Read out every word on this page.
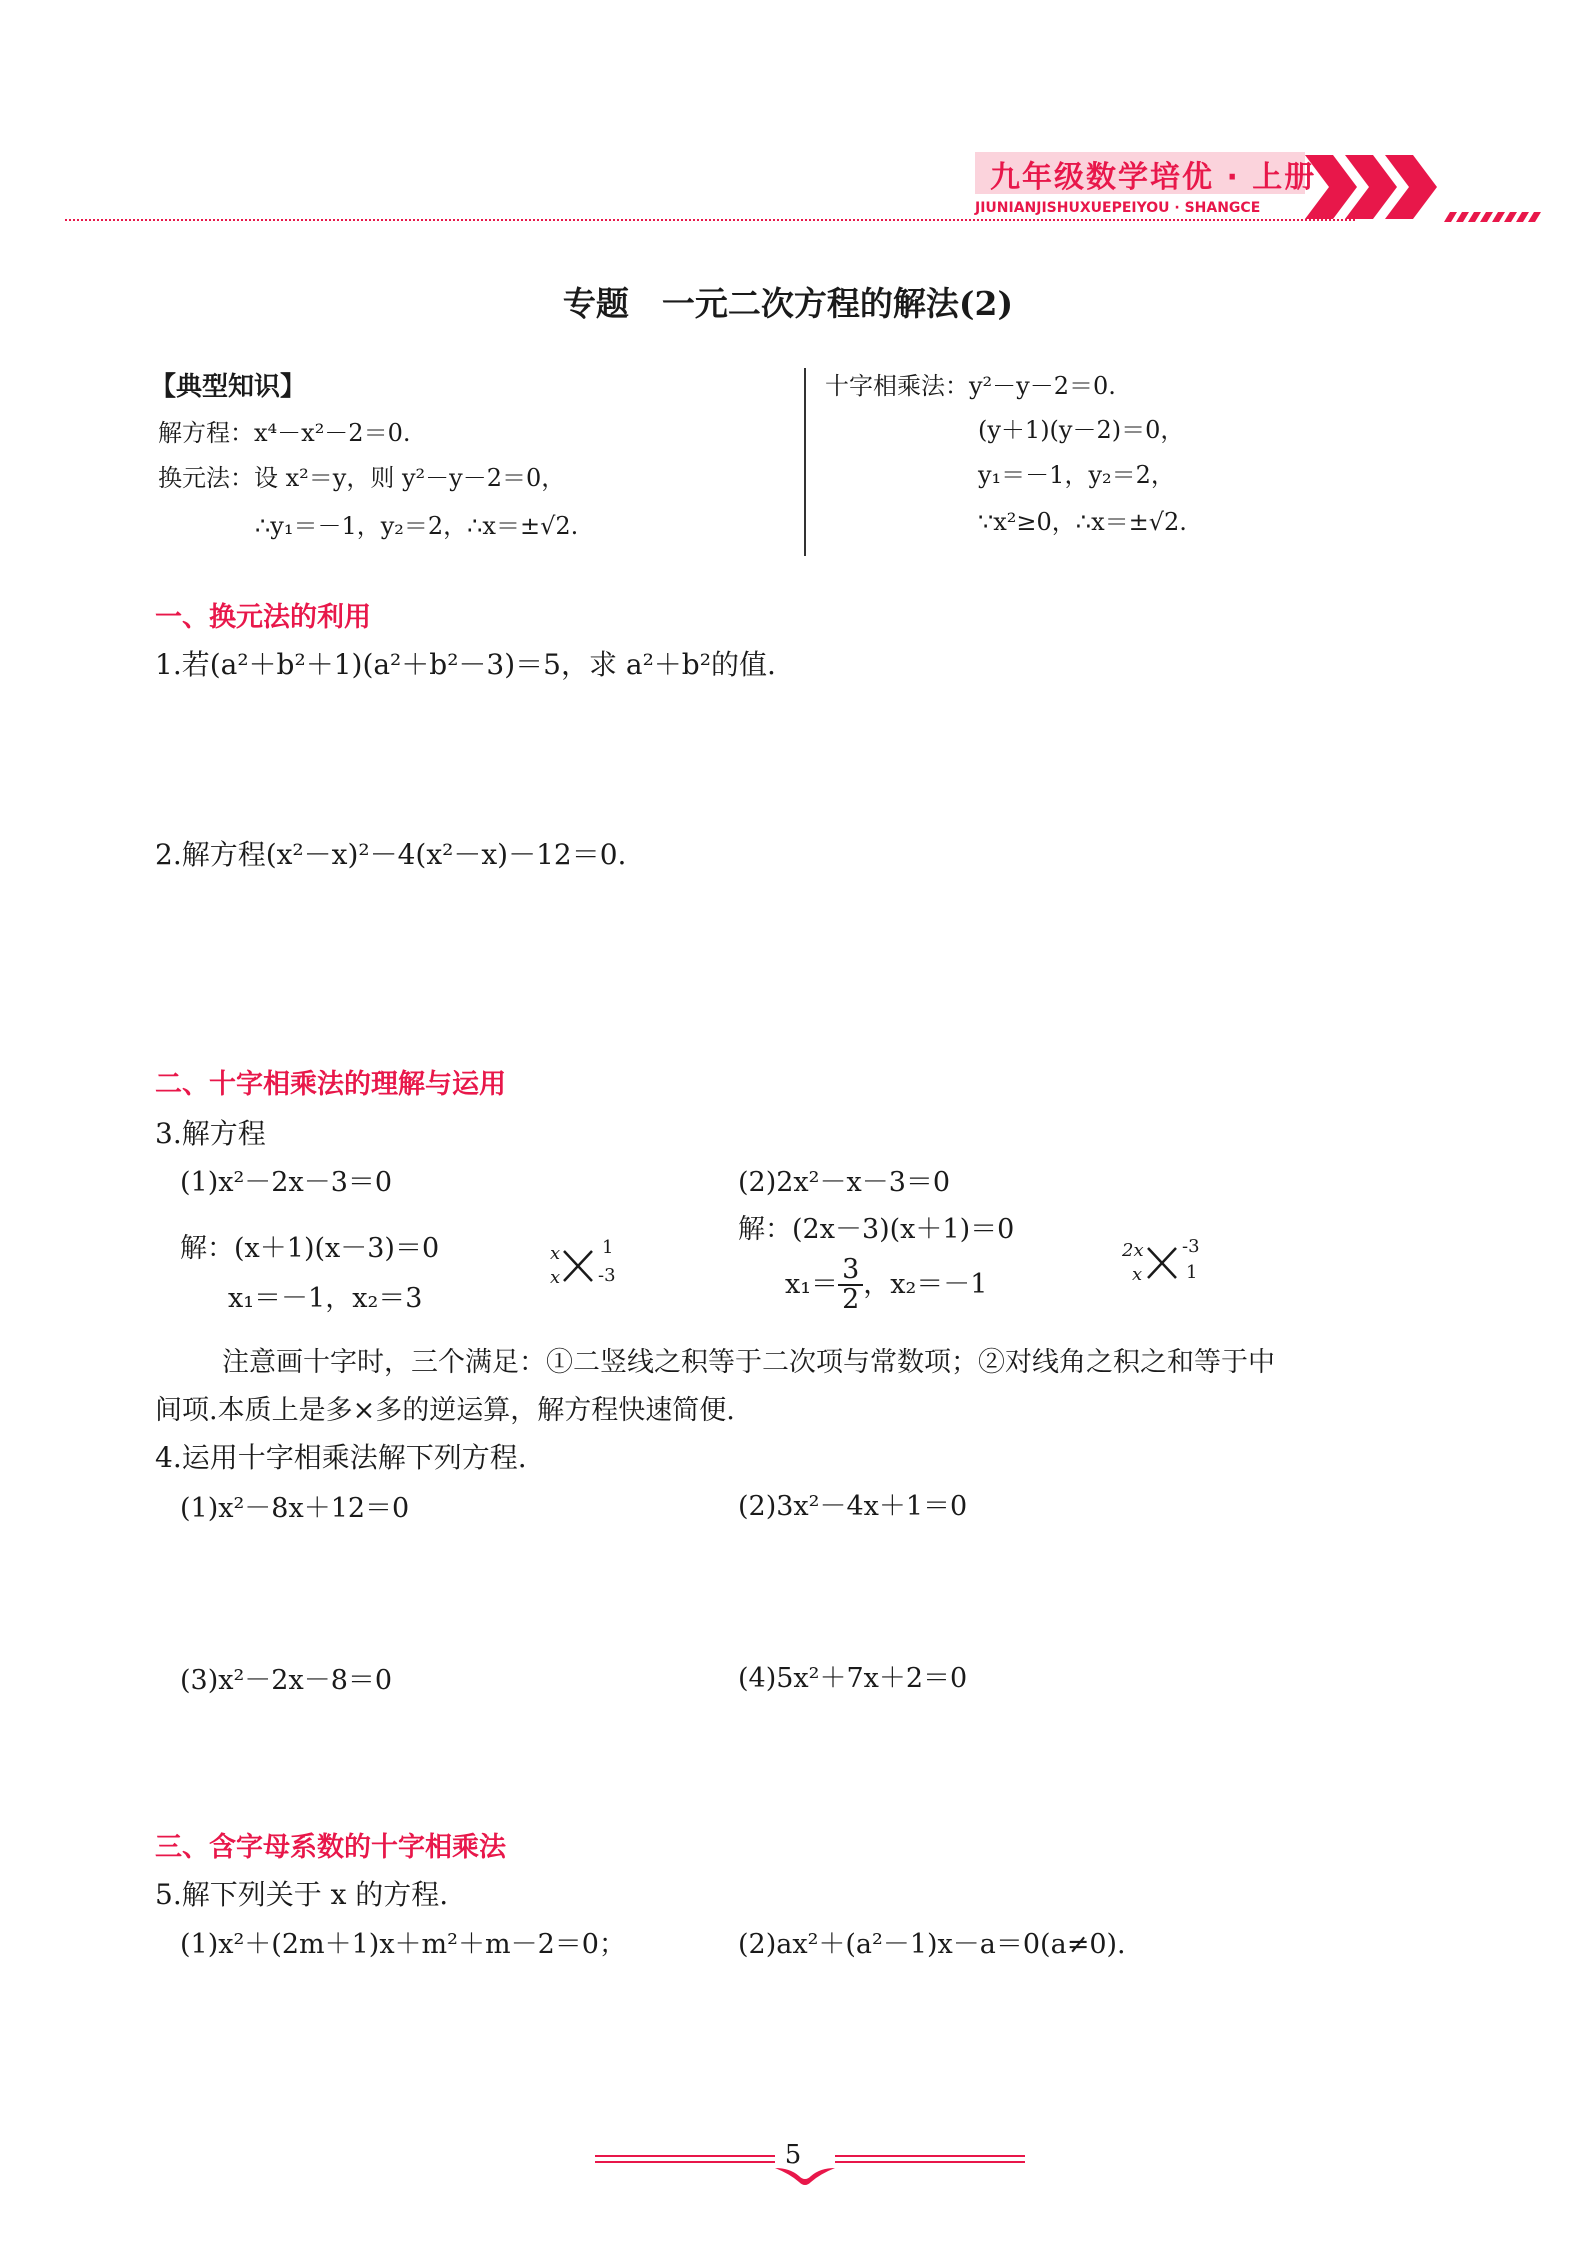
九年级数学培优 · 上册
JIUNIANJISHUXUEPEIYOU · SHANGCE
专题　一元二次方程的解法(2)
【典型知识】
解方程：x⁴－x²－2＝0.
换元法：设 x²＝y，则 y²－y－2＝0，
∴y₁＝－1，y₂＝2，∴x＝±√2.
十字相乘法：y²－y－2＝0.
(y＋1)(y－2)＝0，
y₁＝－1，y₂＝2，
∵x²≥0，∴x＝±√2.
一、换元法的利用
1.若(a²＋b²＋1)(a²＋b²－3)＝5，求 a²＋b²的值.
2.解方程(x²－x)²－4(x²－x)－12＝0.
二、十字相乘法的理解与运用
3.解方程
(1)x²－2x－3＝0
解：(x＋1)(x－3)＝0
x₁＝－1，x₂＝3
x
x
1
-3
(2)2x²－x－3＝0
解：(2x－3)(x＋1)＝0
$x_1= \frac{3}{2}$ ，x₂＝－1
2x
x
-3
1
注意画十字时，三个满足：①二竖线之积等于二次项与常数项；②对线角之积之和等于中
间项.本质上是多×多的逆运算，解方程快速简便.
4.运用十字相乘法解下列方程.
(1)x²－8x＋12＝0	(2)3x²－4x＋1＝0
(3)x²－2x－8＝0	(4)5x²＋7x＋2＝0
三、含字母系数的十字相乘法
5.解下列关于 x 的方程.
(1)x²＋(2m＋1)x＋m²＋m－2＝0；	(2)ax²＋(a²－1)x－a＝0(a≠0).
5
